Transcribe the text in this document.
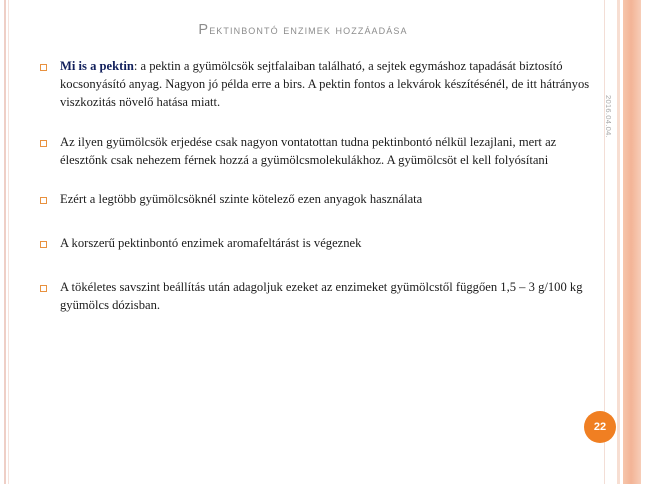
Pektinbontó enzimek hozzáadása
Mi is a pektin: a pektin a gyümölcsök sejtfalaiban található, a sejtek egymáshoz tapadását biztosító kocsonyásító anyag. Nagyon jó példa erre a birs. A pektin fontos a lekvárok készítésénél, de itt hátrányos viszkozitás növelő hatása miatt.
Az ilyen gyümölcsök erjedése csak nagyon vontatottan tudna pektinbontó nélkül lezajlani, mert az élesztőnk csak nehezem férnek hozzá a gyümölcsmolekulákhoz. A gyümölcsöt el kell folyósítani
Ezért a legtöbb gyümölcsöknél szinte kötelező ezen anyagok használata
A korszerű pektinbontó enzimek aromafeltárást is végeznek
A tökéletes savszint beállítás után adagoljuk ezeket az enzimeket gyümölcstől függően 1,5 – 3 g/100 kg gyümölcs dózisban.
2016.04.04.
22
